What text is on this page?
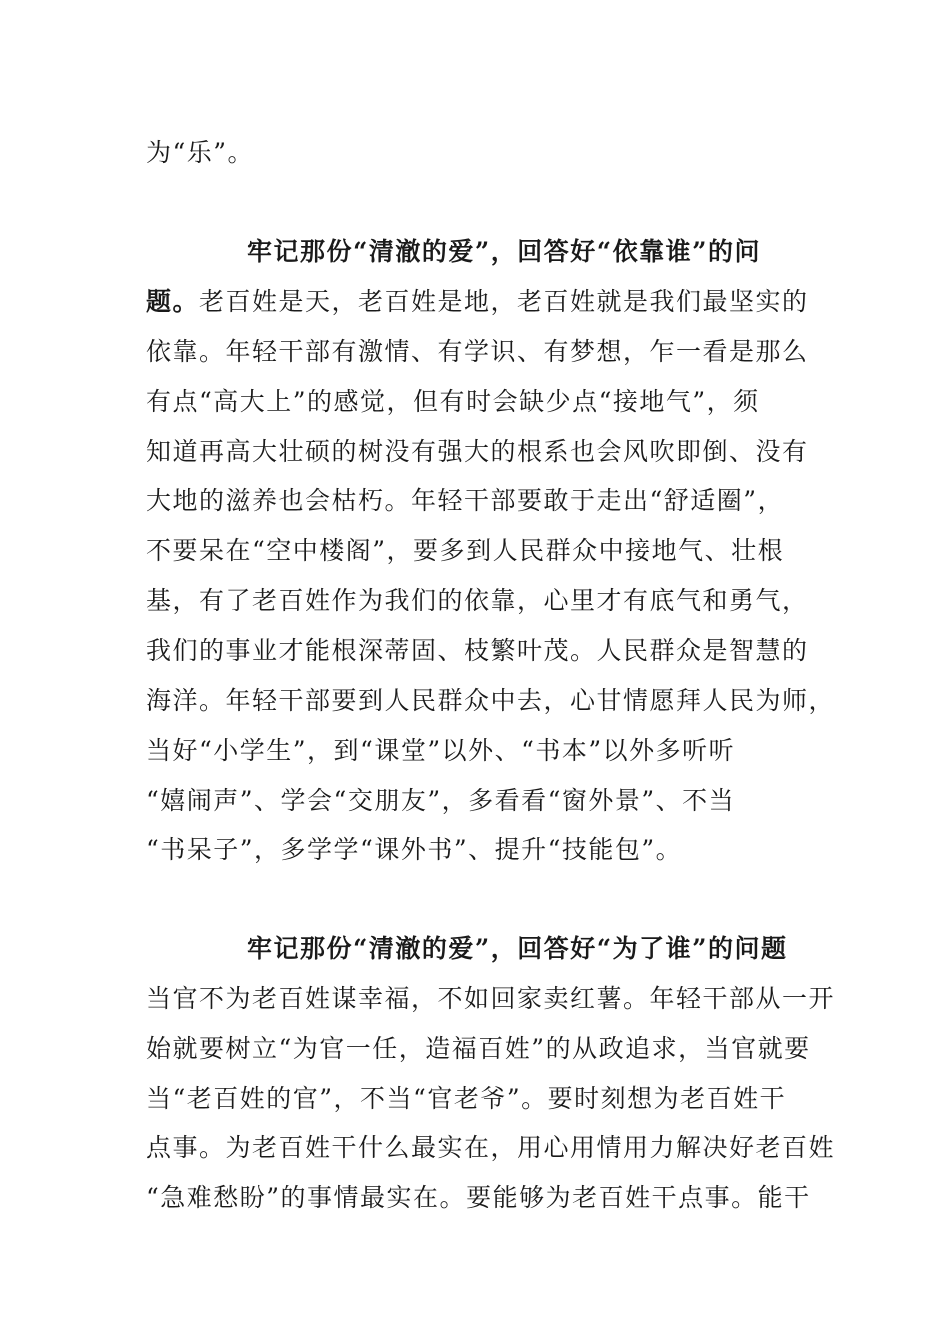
为“乐”。
牢记那份“清澈的爱”，回答好“依靠谁”的问
题。老百姓是天，老百姓是地，老百姓就是我们最坚实的
依靠。年轻干部有激情、有学识、有梦想，乍一看是那么
有点“高大上”的感觉，但有时会缺少点“接地气”，须
知道再高大壮硕的树没有强大的根系也会风吹即倒、没有
大地的滋养也会枯朽。年轻干部要敢于走出“舒适圈”，
不要呆在“空中楼阁”，要多到人民群众中接地气、壮根
基，有了老百姓作为我们的依靠，心里才有底气和勇气，
我们的事业才能根深蒂固、枝繁叶茂。人民群众是智慧的
海洋。年轻干部要到人民群众中去，心甘情愿拜人民为师，
当好“小学生”，到“课堂”以外、“书本”以外多听听
“嬉闹声”、学会“交朋友”，多看看“窗外景”、不当
“书呆子”，多学学“课外书”、提升“技能包”。
牢记那份“清澈的爱”，回答好“为了谁”的问题
当官不为老百姓谋幸福，不如回家卖红薯。年轻干部从一开
始就要树立“为官一任，造福百姓”的从政追求，当官就要
当“老百姓的官”，不当“官老爷”。要时刻想为老百姓干
点事。为老百姓干什么最实在，用心用情用力解决好老百姓
“急难愁盼”的事情最实在。要能够为老百姓干点事。能干
